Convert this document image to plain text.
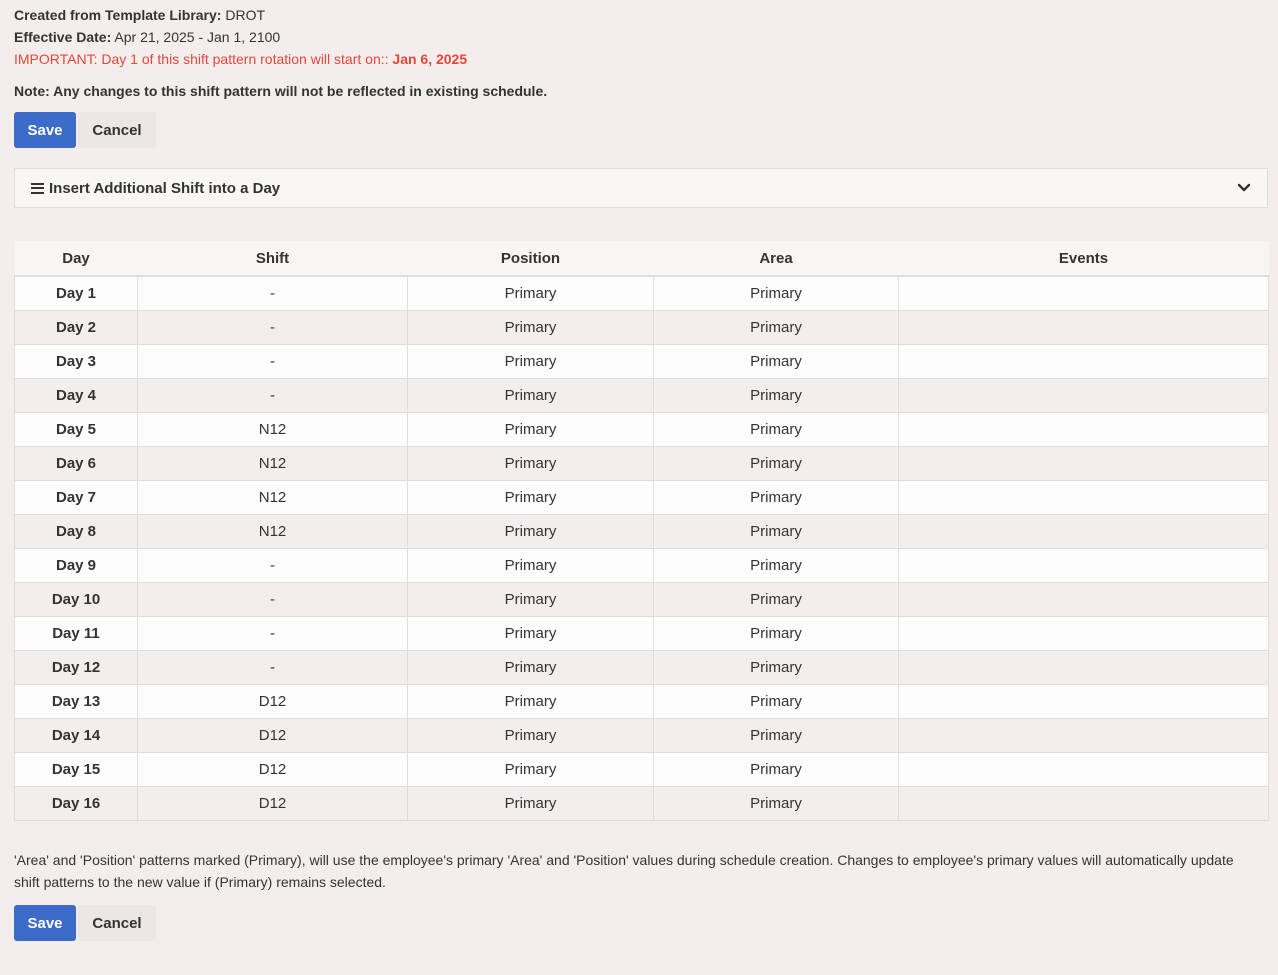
Created from Template Library: DROT
Effective Date: Apr 21, 2025 - Jan 1, 2100
IMPORTANT: Day 1 of this shift pattern rotation will start on:: Jan 6, 2025
Note: Any changes to this shift pattern will not be reflected in existing schedule.
Save	Cancel
Insert Additional Shift into a Day
Day	Shift	Position	Area	Events
Day 1	-	Primary	Primary	
Day 2	-	Primary	Primary	
Day 3	-	Primary	Primary	
Day 4	-	Primary	Primary	
Day 5	N12	Primary	Primary	
Day 6	N12	Primary	Primary	
Day 7	N12	Primary	Primary	
Day 8	N12	Primary	Primary	
Day 9	-	Primary	Primary	
Day 10	-	Primary	Primary	
Day 11	-	Primary	Primary	
Day 12	-	Primary	Primary	
Day 13	D12	Primary	Primary	
Day 14	D12	Primary	Primary	
Day 15	D12	Primary	Primary	
Day 16	D12	Primary	Primary	
'Area' and 'Position' patterns marked (Primary), will use the employee's primary 'Area' and 'Position' values during schedule creation. Changes to employee's primary values will automatically update shift patterns to the new value if (Primary) remains selected.
Save	Cancel
